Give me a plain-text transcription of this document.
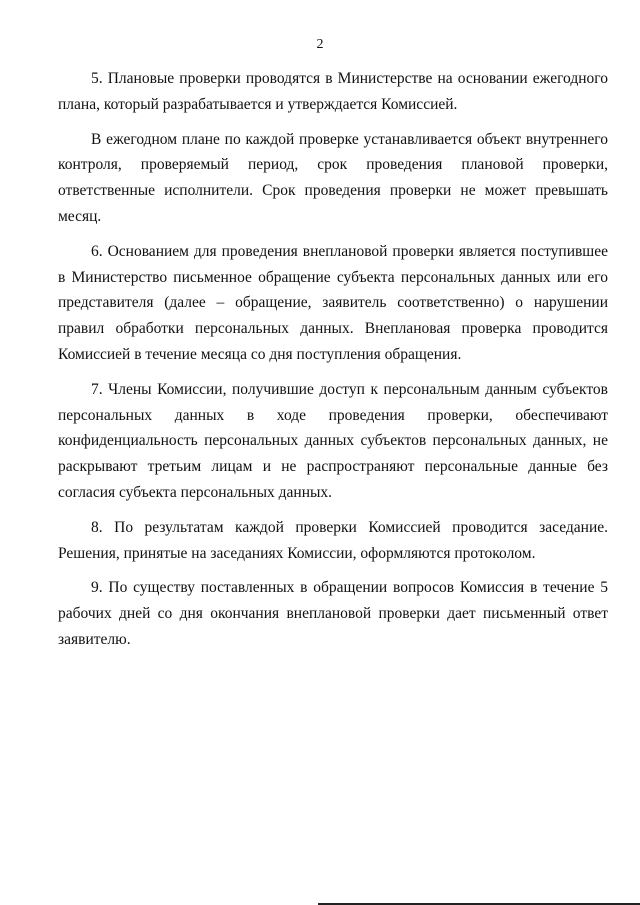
2

5. Плановые проверки проводятся в Министерстве на основании ежегодного плана, который разрабатывается и утверждается Комиссией.

В ежегодном плане по каждой проверке устанавливается объект внутреннего контроля, проверяемый период, срок проведения плановой проверки, ответственные исполнители. Срок проведения проверки не может превышать месяц.

6. Основанием для проведения внеплановой проверки является поступившее в Министерство письменное обращение субъекта персональных данных или его представителя (далее – обращение, заявитель соответственно) о нарушении правил обработки персональных данных. Внеплановая проверка проводится Комиссией в течение месяца со дня поступления обращения.

7. Члены Комиссии, получившие доступ к персональным данным субъектов персональных данных в ходе проведения проверки, обеспечивают конфиденциальность персональных данных субъектов персональных данных, не раскрывают третьим лицам и не распространяют персональные данные без согласия субъекта персональных данных.

8. По результатам каждой проверки Комиссией проводится заседание. Решения, принятые на заседаниях Комиссии, оформляются протоколом.

9. По существу поставленных в обращении вопросов Комиссия в течение 5 рабочих дней со дня окончания внеплановой проверки дает письменный ответ заявителю.
